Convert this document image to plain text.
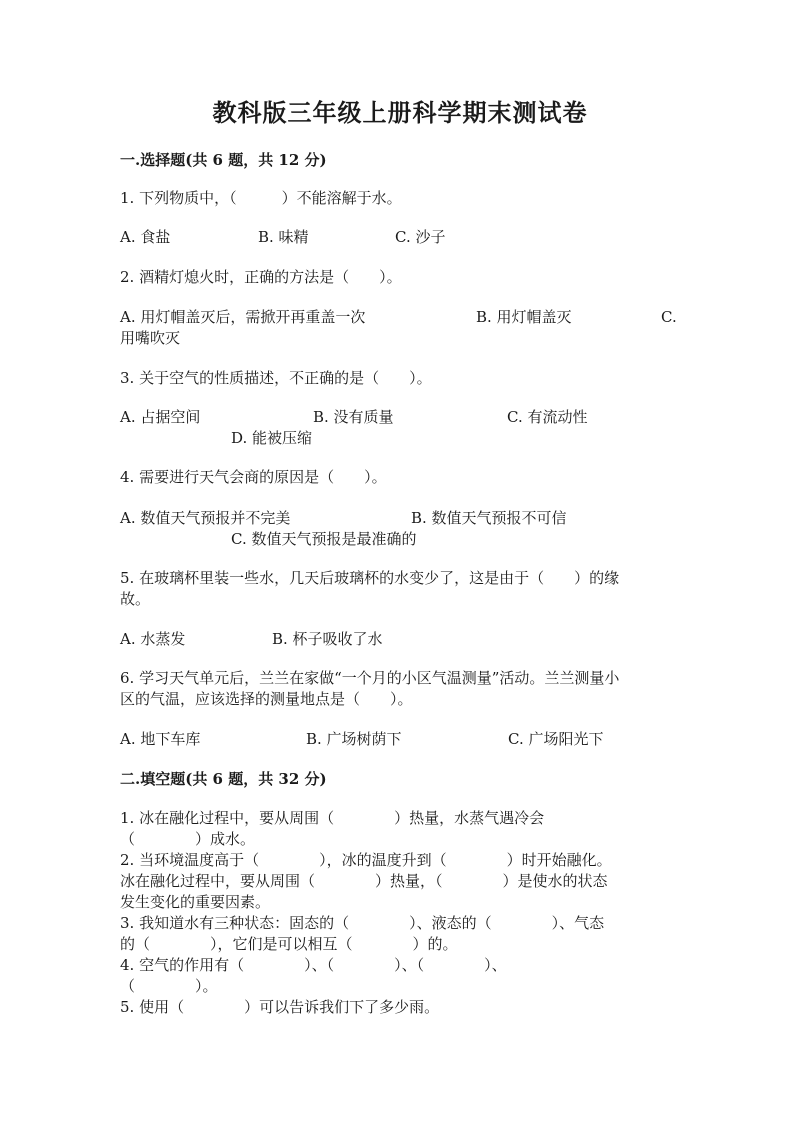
教科版三年级上册科学期末测试卷
一.选择题(共 6 题，共 12 分)
1. 下列物质中，（　　　）不能溶解于水。
A. 食盐	B. 味精	C. 沙子
2. 酒精灯熄火时，正确的方法是（　　）。
A. 用灯帽盖灭后，需掀开再重盖一次	B. 用灯帽盖灭	C.
用嘴吹灭
3. 关于空气的性质描述，不正确的是（　　）。
A. 占据空间	B. 没有质量	C. 有流动性
D. 能被压缩
4. 需要进行天气会商的原因是（　　）。
A. 数值天气预报并不完美	B. 数值天气预报不可信
C. 数值天气预报是最准确的
5. 在玻璃杯里装一些水，几天后玻璃杯的水变少了，这是由于（　　）的缘
故。
A. 水蒸发	B. 杯子吸收了水
6. 学习天气单元后，兰兰在家做“一个月的小区气温测量”活动。兰兰测量小
区的气温，应该选择的测量地点是（　　）。
A. 地下车库	B. 广场树荫下	C. 广场阳光下
二.填空题(共 6 题，共 32 分)
1. 冰在融化过程中，要从周围（　　　　）热量，水蒸气遇冷会
（　　　　）成水。
2. 当环境温度高于（　　　　），冰的温度升到（　　　　）时开始融化。
冰在融化过程中，要从周围（　　　　）热量，（　　　　）是使水的状态
发生变化的重要因素。
3. 我知道水有三种状态：固态的（　　　　）、液态的（　　　　）、气态
的（　　　　），它们是可以相互（　　　　）的。
4. 空气的作用有（　　　　）、（　　　　）、（　　　　）、
（　　　　）。
5. 使用（　　　　）可以告诉我们下了多少雨。
